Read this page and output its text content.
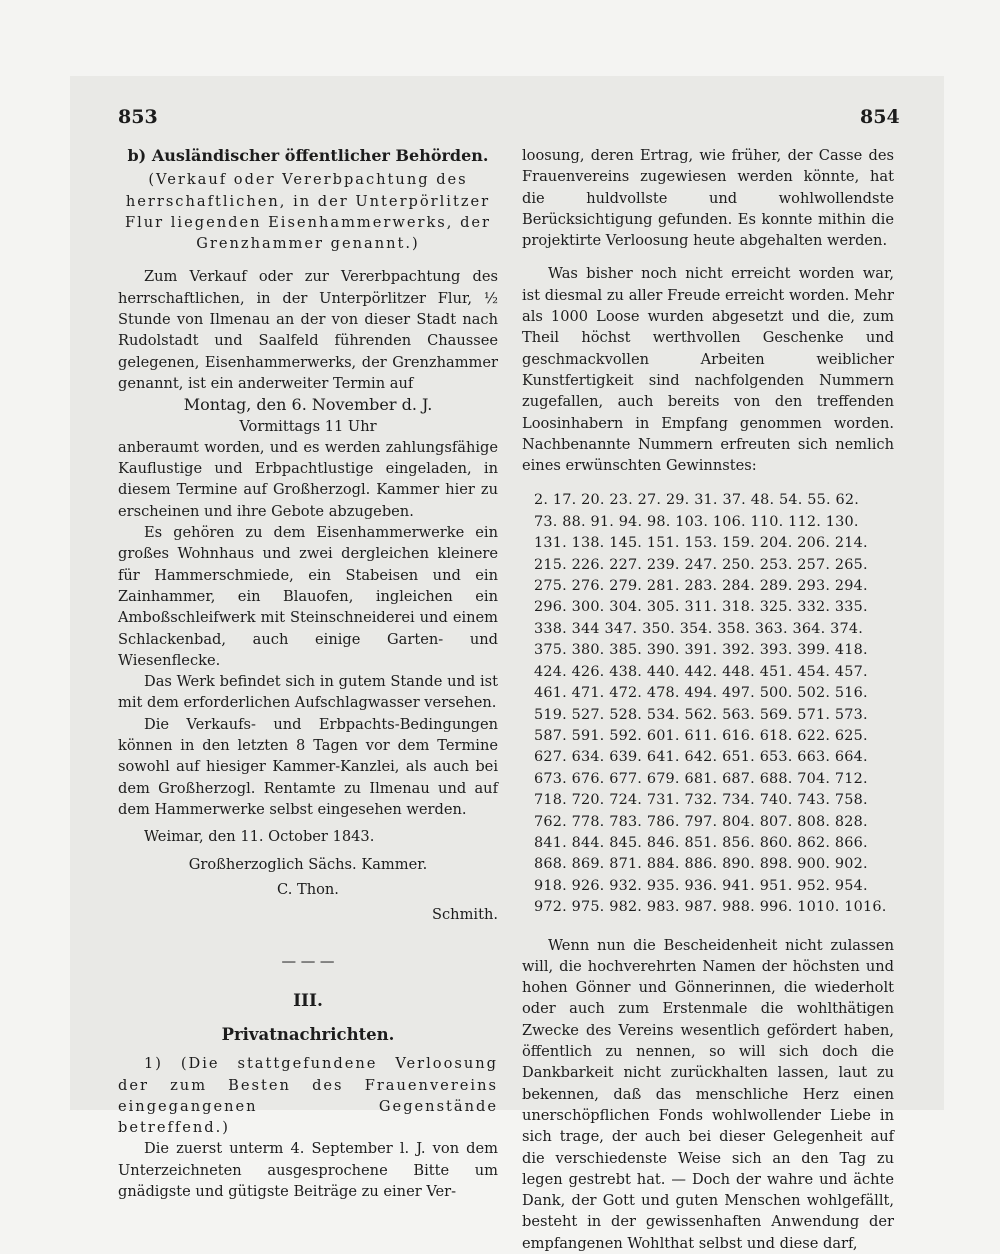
853	854

b) Ausländischer öffentlicher Behörden.

(Verkauf oder Vererbpachtung des herrschaftlichen, in der Unterpörlitzer Flur liegenden Eisenhammerwerks, der Grenzhammer genannt.)

Zum Verkauf oder zur Vererbpachtung des herrschaftlichen, in der Unterpörlitzer Flur, ½ Stunde von Ilmenau an der von dieser Stadt nach Rudolstadt und Saalfeld führenden Chaussee gelegenen, Eisenhammerwerks, der Grenzhammer genannt, ist ein anderweiter Termin auf

Montag, den 6. November d. J.

Vormittags 11 Uhr

anberaumt worden, und es werden zahlungsfähige Kauflustige und Erbpachtlustige eingeladen, in diesem Termine auf Großherzogl. Kammer hier zu erscheinen und ihre Gebote abzugeben.

Es gehören zu dem Eisenhammerwerke ein großes Wohnhaus und zwei dergleichen kleinere für Hammerschmiede, ein Stabeisen und ein Zainhammer, ein Blauofen, ingleichen ein Amboßschleifwerk mit Steinschneiderei und einem Schlackenbad, auch einige Garten- und Wiesenflecke.

Das Werk befindet sich in gutem Stande und ist mit dem erforderlichen Aufschlagwasser versehen.

Die Verkaufs- und Erbpachts-Bedingungen können in den letzten 8 Tagen vor dem Termine sowohl auf hiesiger Kammer-Kanzlei, als auch bei dem Großherzogl. Rentamte zu Ilmenau und auf dem Hammerwerke selbst eingesehen werden.

Weimar, den 11. October 1843.

Großherzoglich Sächs. Kammer.

C. Thon.

Schmith.

— — —

III.

Privatnachrichten.

1) (Die stattgefundene Verloosung der zum Besten des Frauenvereins eingegangenen Gegenstände betreffend.)

Die zuerst unterm 4. September l. J. von dem Unterzeichneten ausgesprochene Bitte um gnädigste und gütigste Beiträge zu einer Ver-

loosung, deren Ertrag, wie früher, der Casse des Frauenvereins zugewiesen werden könnte, hat die huldvollste und wohlwollendste Berücksichtigung gefunden. Es konnte mithin die projektirte Verloosung heute abgehalten werden.

Was bisher noch nicht erreicht worden war, ist diesmal zu aller Freude erreicht worden. Mehr als 1000 Loose wurden abgesetzt und die, zum Theil höchst werthvollen Geschenke und geschmackvollen Arbeiten weiblicher Kunstfertigkeit sind nachfolgenden Nummern zugefallen, auch bereits von den treffenden Loosinhabern in Empfang genommen worden. Nachbenannte Nummern erfreuten sich nemlich eines erwünschten Gewinnstes:

2. 17. 20. 23. 27. 29. 31. 37. 48. 54. 55. 62.
73. 88. 91. 94. 98. 103. 106. 110. 112. 130.
131. 138. 145. 151. 153. 159. 204. 206. 214.
215. 226. 227. 239. 247. 250. 253. 257. 265.
275. 276. 279. 281. 283. 284. 289. 293. 294.
296. 300. 304. 305. 311. 318. 325. 332. 335.
338. 344 347. 350. 354. 358. 363. 364. 374.
375. 380. 385. 390. 391. 392. 393. 399. 418.
424. 426. 438. 440. 442. 448. 451. 454. 457.
461. 471. 472. 478. 494. 497. 500. 502. 516.
519. 527. 528. 534. 562. 563. 569. 571. 573.
587. 591. 592. 601. 611. 616. 618. 622. 625.
627. 634. 639. 641. 642. 651. 653. 663. 664.
673. 676. 677. 679. 681. 687. 688. 704. 712.
718. 720. 724. 731. 732. 734. 740. 743. 758.
762. 778. 783. 786. 797. 804. 807. 808. 828.
841. 844. 845. 846. 851. 856. 860. 862. 866.
868. 869. 871. 884. 886. 890. 898. 900. 902.
918. 926. 932. 935. 936. 941. 951. 952. 954.
972. 975. 982. 983. 987. 988. 996. 1010. 1016.

Wenn nun die Bescheidenheit nicht zulassen will, die hochverehrten Namen der höchsten und hohen Gönner und Gönnerinnen, die wiederholt oder auch zum Erstenmale die wohlthätigen Zwecke des Vereins wesentlich gefördert haben, öffentlich zu nennen, so will sich doch die Dankbarkeit nicht zurückhalten lassen, laut zu bekennen, daß das menschliche Herz einen unerschöpflichen Fonds wohlwollender Liebe in sich trage, der auch bei dieser Gelegenheit auf die verschiedenste Weise sich an den Tag zu legen gestrebt hat. — Doch der wahre und ächte Dank, der Gott und guten Menschen wohlgefällt, besteht in der gewissenhaften Anwendung der empfangenen Wohlthat selbst und diese darf,
